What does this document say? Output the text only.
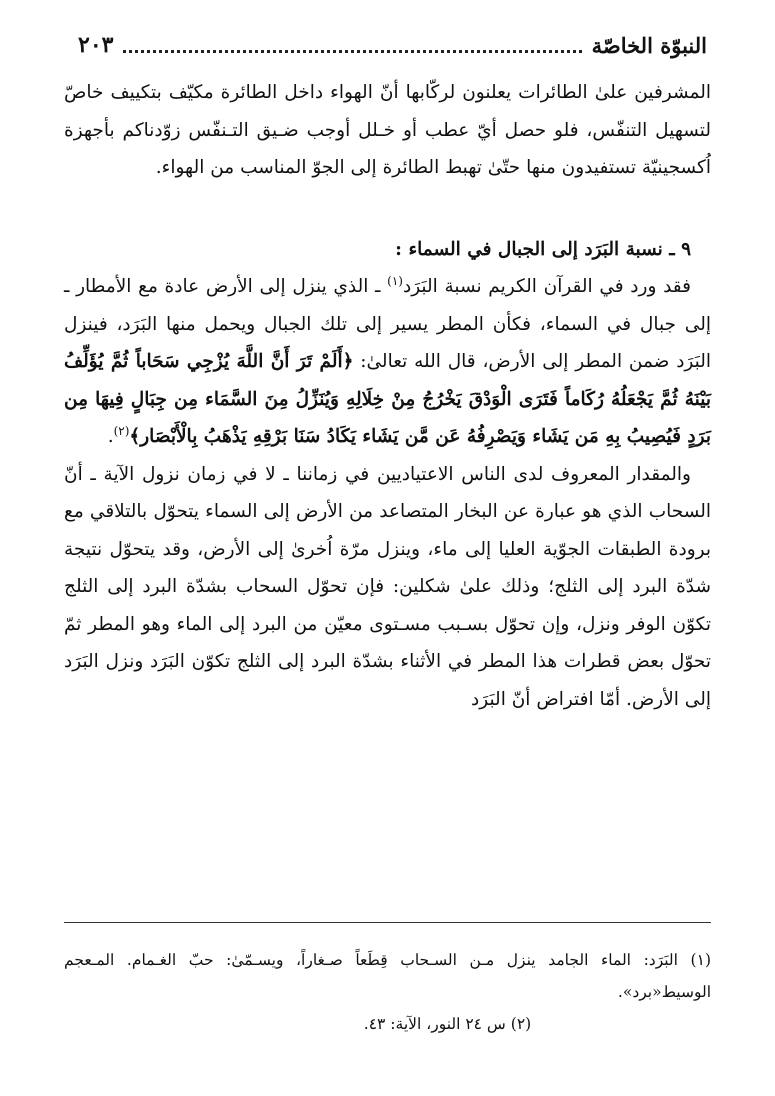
النبوّة الخاصّة
٢٠٣

المشرفين علىٰ الطائرات يعلنون لركّابها أنّ الهواء داخل الطائرة مكيّف بتكييف خاصّ لتسهيل التنفّس، فلو حصل أيّ عطب أو خـلل أوجب ضـيق التـنفّس زوّدناكم بأجهزة اُكسجينيّة تستفيدون منها حتّىٰ تهبط الطائرة إلى الجوّ المناسب من الهواء.

٩ ـ نسبة البَرَد إلى الجبال في السماء :

فقد ورد في القرآن الكريم نسبة البَرَد$^{(١)}$ ـ الذي ينزل إلى الأرض عادة مع الأمطار ـ إلى جبال في السماء، فكأن المطر يسير إلى تلك الجبال ويحمل منها البَرَد، فينزل البَرَد ضمن المطر إلى الأرض، قال الله تعالىٰ: ﴿أَلَمْ تَرَ أَنَّ اللَّهَ يُزْجِي سَحَاباً ثُمَّ يُؤَلِّفُ بَيْنَهُ ثُمَّ يَجْعَلُهُ رُكَاماً فَتَرَى الْوَدْقَ يَخْرُجُ مِنْ خِلَالِهِ وَيُنَزِّلُ مِنَ السَّمَاء مِن جِبَالٍ فِيهَا مِن بَرَدٍ فَيُصِيبُ بِهِ مَن يَشَاء وَيَصْرِفُهُ عَن مَّن يَشَاء يَكَادُ سَنَا بَرْقِهِ يَذْهَبُ بِالْأَبْصَار﴾$^{(٢)}$.

والمقدار المعروف لدى الناس الاعتياديين في زماننا ـ لا في زمان نزول الآية ـ أنّ السحاب الذي هو عبارة عن البخار المتصاعد من الأرض إلى السماء يتحوّل بالتلاقي مع برودة الطبقات الجوّية العليا إلى ماء، وينزل مرّة اُخرىٰ إلى الأرض، وقد يتحوّل نتيجة شدّة البرد إلى الثلج؛ وذلك علىٰ شكلين: فإن تحوّل السحاب بشدّة البرد إلى الثلج تكوّن الوفر ونزل، وإن تحوّل بسـبب مسـتوى معيّن من البرد إلى الماء وهو المطر ثمّ تحوّل بعض قطرات هذا المطر في الأثناء بشدّة البرد إلى الثلج تكوّن البَرَد ونزل البَرَد إلى الأرض. أمّا افتراض أنّ البَرَد

(١) البَرَد: الماء الجامد ينزل مـن السـحاب قِطَعاً صـغاراً، ويسـمّىٰ: حبّ الغـمام. المـعجم الوسيط«برد».

(٢) س ٢٤ النور، الآية: ٤٣.
